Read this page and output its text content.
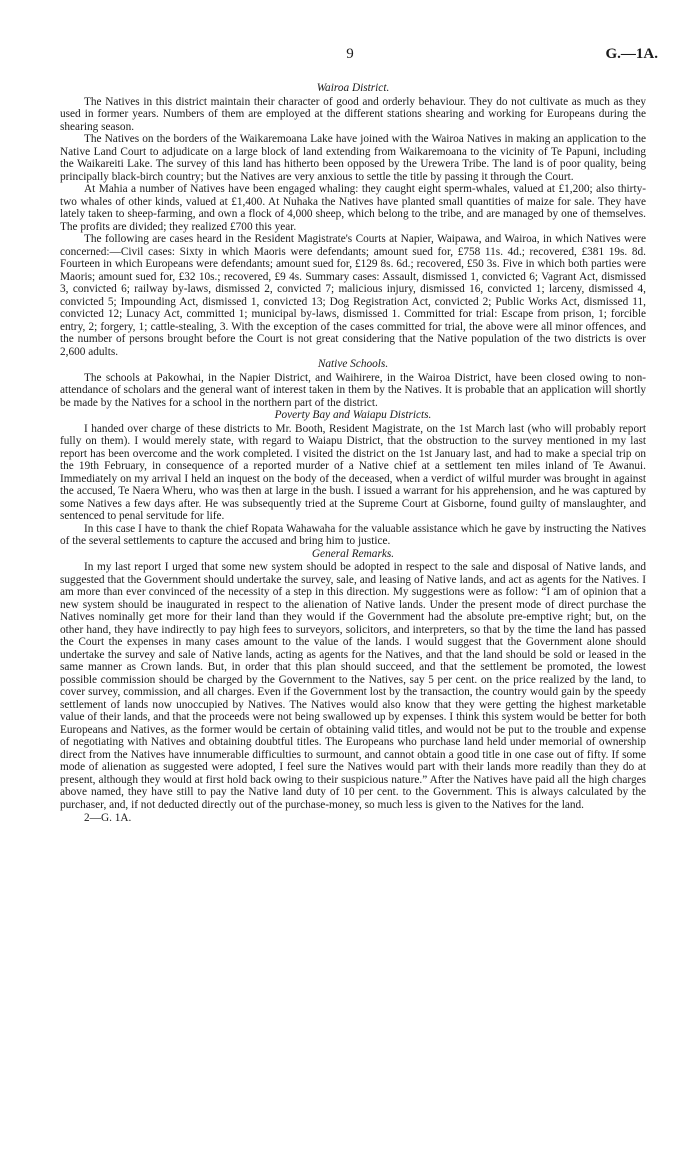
9	G.—1A.
Wairoa District.

The Natives in this district maintain their character of good and orderly behaviour. They do not cultivate as much as they used in former years. Numbers of them are employed at the different stations shearing and working for Europeans during the shearing season.

The Natives on the borders of the Waikaremoana Lake have joined with the Wairoa Natives in making an application to the Native Land Court to adjudicate on a large block of land extending from Waikaremoana to the vicinity of Te Papuni, including the Waikareiti Lake. The survey of this land has hitherto been opposed by the Urewera Tribe. The land is of poor quality, being principally black-birch country; but the Natives are very anxious to settle the title by passing it through the Court.

At Mahia a number of Natives have been engaged whaling: they caught eight sperm-whales, valued at £1,200; also thirty-two whales of other kinds, valued at £1,400. At Nuhaka the Natives have planted small quantities of maize for sale. They have lately taken to sheep-farming, and own a flock of 4,000 sheep, which belong to the tribe, and are managed by one of themselves. The profits are divided; they realized £700 this year.

The following are cases heard in the Resident Magistrate's Courts at Napier, Waipawa, and Wairoa, in which Natives were concerned:—Civil cases: Sixty in which Maoris were defendants; amount sued for, £758 11s. 4d.; recovered, £381 19s. 8d. Fourteen in which Europeans were defendants; amount sued for, £129 8s. 6d.; recovered, £50 3s. Five in which both parties were Maoris; amount sued for, £32 10s.; recovered, £9 4s. Summary cases: Assault, dismissed 1, convicted 6; Vagrant Act, dismissed 3, convicted 6; railway by-laws, dismissed 2, convicted 7; malicious injury, dismissed 16, convicted 1; larceny, dismissed 4, convicted 5; Impounding Act, dismissed 1, convicted 13; Dog Registration Act, convicted 2; Public Works Act, dismissed 11, convicted 12; Lunacy Act, committed 1; municipal by-laws, dismissed 1. Committed for trial: Escape from prison, 1; forcible entry, 2; forgery, 1; cattle-stealing, 3. With the exception of the cases committed for trial, the above were all minor offences, and the number of persons brought before the Court is not great considering that the Native population of the two districts is over 2,600 adults.

Native Schools.

The schools at Pakowhai, in the Napier District, and Waihirere, in the Wairoa District, have been closed owing to non-attendance of scholars and the general want of interest taken in them by the Natives. It is probable that an application will shortly be made by the Natives for a school in the northern part of the district.

Poverty Bay and Waiapu Districts.

I handed over charge of these districts to Mr. Booth, Resident Magistrate, on the 1st March last (who will probably report fully on them). I would merely state, with regard to Waiapu District, that the obstruction to the survey mentioned in my last report has been overcome and the work completed. I visited the district on the 1st January last, and had to make a special trip on the 19th February, in consequence of a reported murder of a Native chief at a settlement ten miles inland of Te Awanui. Immediately on my arrival I held an inquest on the body of the deceased, when a verdict of wilful murder was brought in against the accused, Te Naera Wheru, who was then at large in the bush. I issued a warrant for his apprehension, and he was captured by some Natives a few days after. He was subsequently tried at the Supreme Court at Gisborne, found guilty of manslaughter, and sentenced to penal servitude for life.

In this case I have to thank the chief Ropata Wahawaha for the valuable assistance which he gave by instructing the Natives of the several settlements to capture the accused and bring him to justice.

General Remarks.

In my last report I urged that some new system should be adopted in respect to the sale and disposal of Native lands, and suggested that the Government should undertake the survey, sale, and leasing of Native lands, and act as agents for the Natives. I am more than ever convinced of the necessity of a step in this direction. My suggestions were as follow: “I am of opinion that a new system should be inaugurated in respect to the alienation of Native lands. Under the present mode of direct purchase the Natives nominally get more for their land than they would if the Government had the absolute pre-emptive right; but, on the other hand, they have indirectly to pay high fees to surveyors, solicitors, and interpreters, so that by the time the land has passed the Court the expenses in many cases amount to the value of the lands. I would suggest that the Government alone should undertake the survey and sale of Native lands, acting as agents for the Natives, and that the land should be sold or leased in the same manner as Crown lands. But, in order that this plan should succeed, and that the settlement be promoted, the lowest possible commission should be charged by the Government to the Natives, say 5 per cent. on the price realized by the land, to cover survey, commission, and all charges. Even if the Government lost by the transaction, the country would gain by the speedy settlement of lands now unoccupied by Natives. The Natives would also know that they were getting the highest marketable value of their lands, and that the proceeds were not being swallowed up by expenses. I think this system would be better for both Europeans and Natives, as the former would be certain of obtaining valid titles, and would not be put to the trouble and expense of negotiating with Natives and obtaining doubtful titles. The Europeans who purchase land held under memorial of ownership direct from the Natives have innumerable difficulties to surmount, and cannot obtain a good title in one case out of fifty. If some mode of alienation as suggested were adopted, I feel sure the Natives would part with their lands more readily than they do at present, although they would at first hold back owing to their suspicious nature.” After the Natives have paid all the high charges above named, they have still to pay the Native land duty of 10 per cent. to the Government. This is always calculated by the purchaser, and, if not deducted directly out of the purchase-money, so much less is given to the Natives for the land.

2—G. 1A.
